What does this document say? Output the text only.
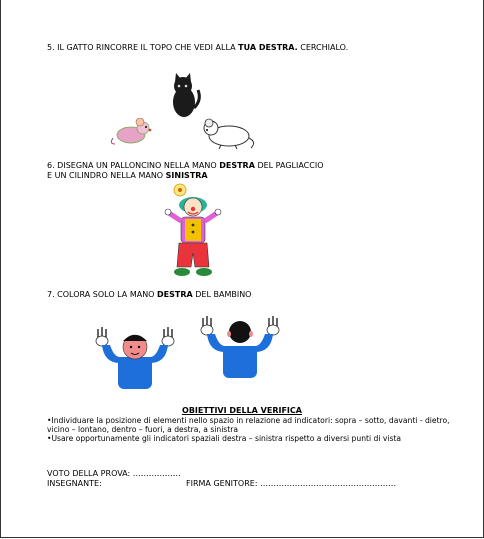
5. IL GATTO RINCORRE IL TOPO CHE VEDI ALLA TUA DESTRA. CERCHIALO.
6. DISEGNA UN PALLONCINO NELLA MANO DESTRA DEL PAGLIACCIO
E UN CILINDRO NELLA MANO SINISTRA
7. COLORA SOLO LA MANO DESTRA DEL BAMBINO
OBIETTIVI DELLA VERIFICA
•Individuare la posizione di elementi nello spazio in relazione ad indicatori: sopra – sotto, davanti - dietro,
vicino – lontano, dentro – fuori, a destra, a sinistra
•Usare opportunamente gli indicatori spaziali destra – sinistra rispetto a diversi punti di vista
VOTO DELLA PROVA: ………………
INSEGNANTE:	FIRMA GENITORE: ……………………………………………
